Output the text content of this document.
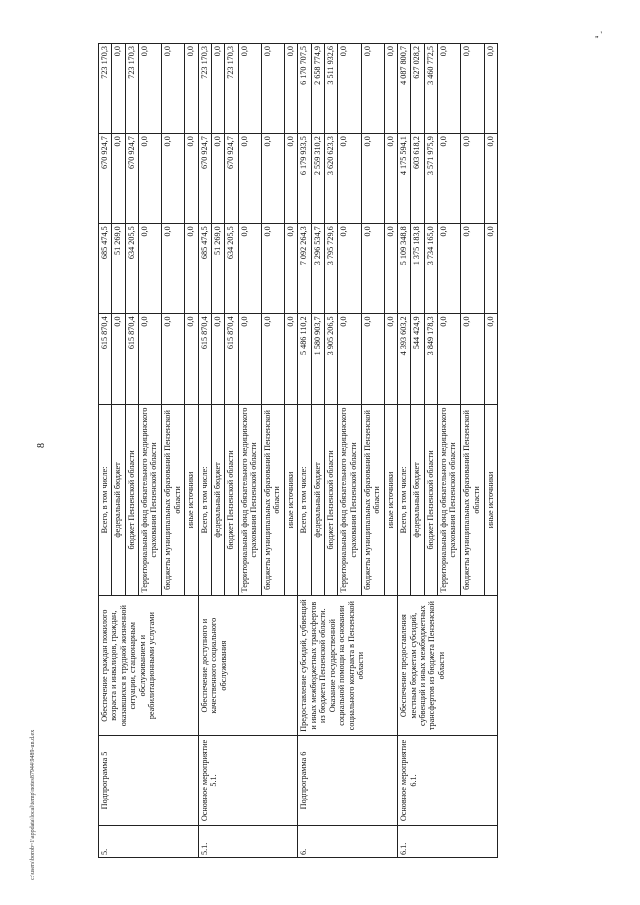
„ '
8
c:\users\borob~1\appdata\local\temp\notes87944\9489-un.d.ex	5.	Подпрограмма 5	Обеспечение граждан пожилого возраста и инвалидов, граждан, оказавшихся в трудной жизненной ситуации, стационарным обслуживанием и реабилитационными услугами	Всего, в том числе:	615 870,4	685 474,5	670 924,7	723 170,3
			федеральный бюджет	0,0	51 269,0	0,0	0,0
			бюджет Пензенской области	615 870,4	634 205,5	670 924,7	723 170,3
			Территориальный фонд обязательного медицинского страхования Пензенской области	0,0	0,0	0,0	0,0
			бюджеты муниципальных образований Пензенской области	0,0	0,0	0,0	0,0
			иные источники	0,0	0,0	0,0	0,0
5.1.	Основное мероприятие 5.1.	Обеспечение доступного и качественного социального обслуживания	Всего, в том числе:	615 870,4	685 474,5	670 924,7	723 170,3
			федеральный бюджет	0,0	51 269,0	0,0	0,0
			бюджет Пензенской области	615 870,4	634 205,5	670 924,7	723 170,3
			Территориальный фонд обязательного медицинского страхования Пензенской области	0,0	0,0	0,0	0,0
			бюджеты муниципальных образований Пензенской области	0,0	0,0	0,0	0,0
			иные источники	0,0	0,0	0,0	0,0
6.	Подпрограмма 6	Предоставление субсидий, субвенций и иных межбюджетных трансфертов из бюджета Пензенской области. Оказание государственной социальной помощи на основании социального контракта в Пензенской области	Всего, в том числе:	5 486 110,2	7 092 264,3	6 179 933,5	6 170 707,5
			федеральный бюджет	1 580 903,7	3 296 534,7	2 559 310,2	2 658 774,9
			бюджет Пензенской области	3 905 206,5	3 795 729,6	3 620 623,3	3 511 932,6
			Территориальный фонд обязательного медицинского страхования Пензенской области	0,0	0,0	0,0	0,0
			бюджеты муниципальных образований Пензенской области	0,0	0,0	0,0	0,0
			иные источники	0,0	0,0	0,0	0,0
6.1.	Основное мероприятие 6.1.	Обеспечение предоставления местным бюджетам субсидий, субвенций и иных межбюджетных трансфертов из бюджета Пензенской области	Всего, в том числе:	4 393 603,2	5 109 348,8	4 175 594,1	4 087 800,7
			федеральный бюджет	544 424,9	1 375 183,8	603 618,2	627 028,2
			бюджет Пензенской области	3 849 178,3	3 734 165,0	3 571 975,9	3 460 772,5
			Территориальный фонд обязательного медицинского страхования Пензенской области	0,0	0,0	0,0	0,0
			бюджеты муниципальных образований Пензенской области	0,0	0,0	0,0	0,0
			иные источники	0,0	0,0	0,0	0,0
